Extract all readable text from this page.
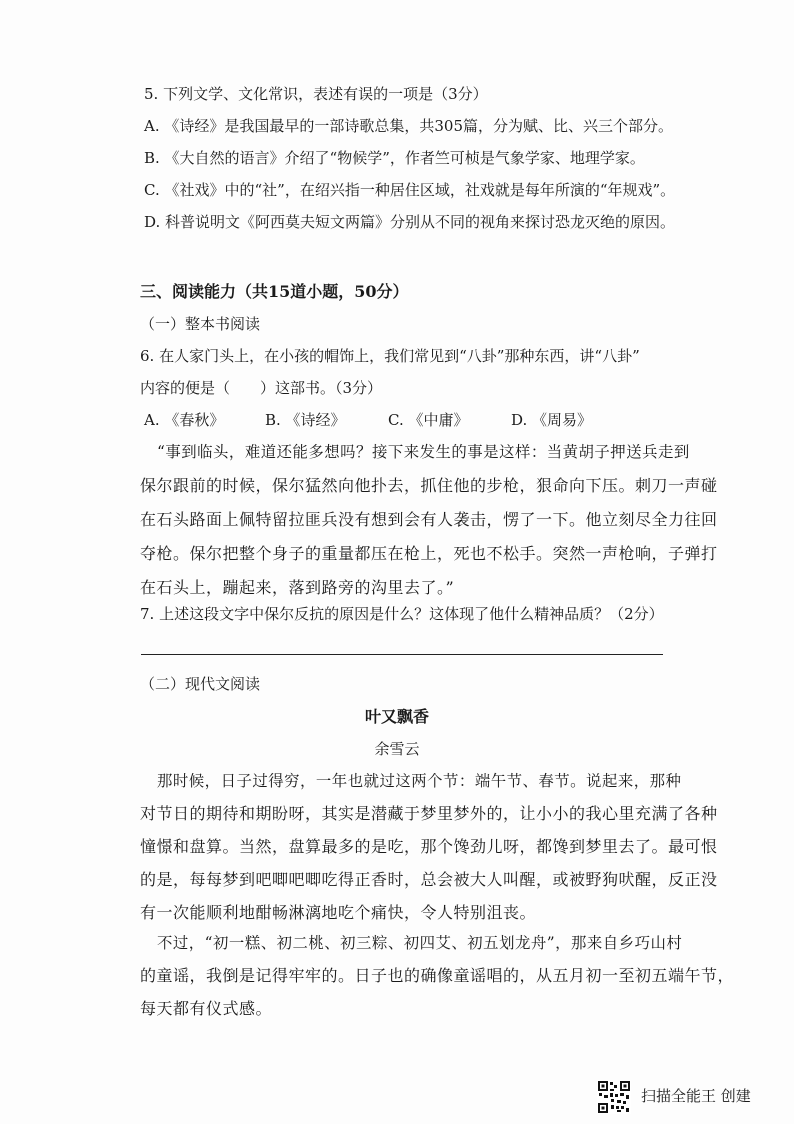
5. 下列文学、文化常识，表述有误的一项是（3分）
A. 《诗经》是我国最早的一部诗歌总集，共305篇，分为赋、比、兴三个部分。
B. 《大自然的语言》介绍了“物候学”，作者竺可桢是气象学家、地理学家。
C. 《社戏》中的“社”，在绍兴指一种居住区域，社戏就是每年所演的“年规戏”。
D. 科普说明文《阿西莫夫短文两篇》分别从不同的视角来探讨恐龙灭绝的原因。
三、阅读能力（共15道小题，50分）
（一）整本书阅读
6. 在人家门头上，在小孩的帽饰上，我们常见到“八卦”那种东西，讲“八卦”
内容的便是（　　）这部书。（3分）
A. 《春秋》	B. 《诗经》	C. 《中庸》	D. 《周易》
“事到临头，难道还能多想吗？接下来发生的事是这样：当黄胡子押送兵走到
保尔跟前的时候，保尔猛然向他扑去，抓住他的步枪，狠命向下压。刺刀一声碰
在石头路面上佩特留拉匪兵没有想到会有人袭击，愣了一下。他立刻尽全力往回
夺枪。保尔把整个身子的重量都压在枪上，死也不松手。突然一声枪响，子弹打
在石头上，蹦起来，落到路旁的沟里去了。”
7. 上述这段文字中保尔反抗的原因是什么？这体现了他什么精神品质？（2分）
（二）现代文阅读
叶又飘香
余雪云
那时候，日子过得穷，一年也就过这两个节：端午节、春节。说起来，那种
对节日的期待和期盼呀，其实是潜藏于梦里梦外的，让小小的我心里充满了各种
憧憬和盘算。当然，盘算最多的是吃，那个馋劲儿呀，都馋到梦里去了。最可恨
的是，每每梦到吧唧吧唧吃得正香时，总会被大人叫醒，或被野狗吠醒，反正没
有一次能顺利地酣畅淋漓地吃个痛快，令人特别沮丧。
不过，“初一糕、初二桃、初三粽、初四艾、初五划龙舟”，那来自乡巧山村
的童谣，我倒是记得牢牢的。日子也的确像童谣唱的，从五月初一至初五端午节，
每天都有仪式感。
扫描全能王 创建
